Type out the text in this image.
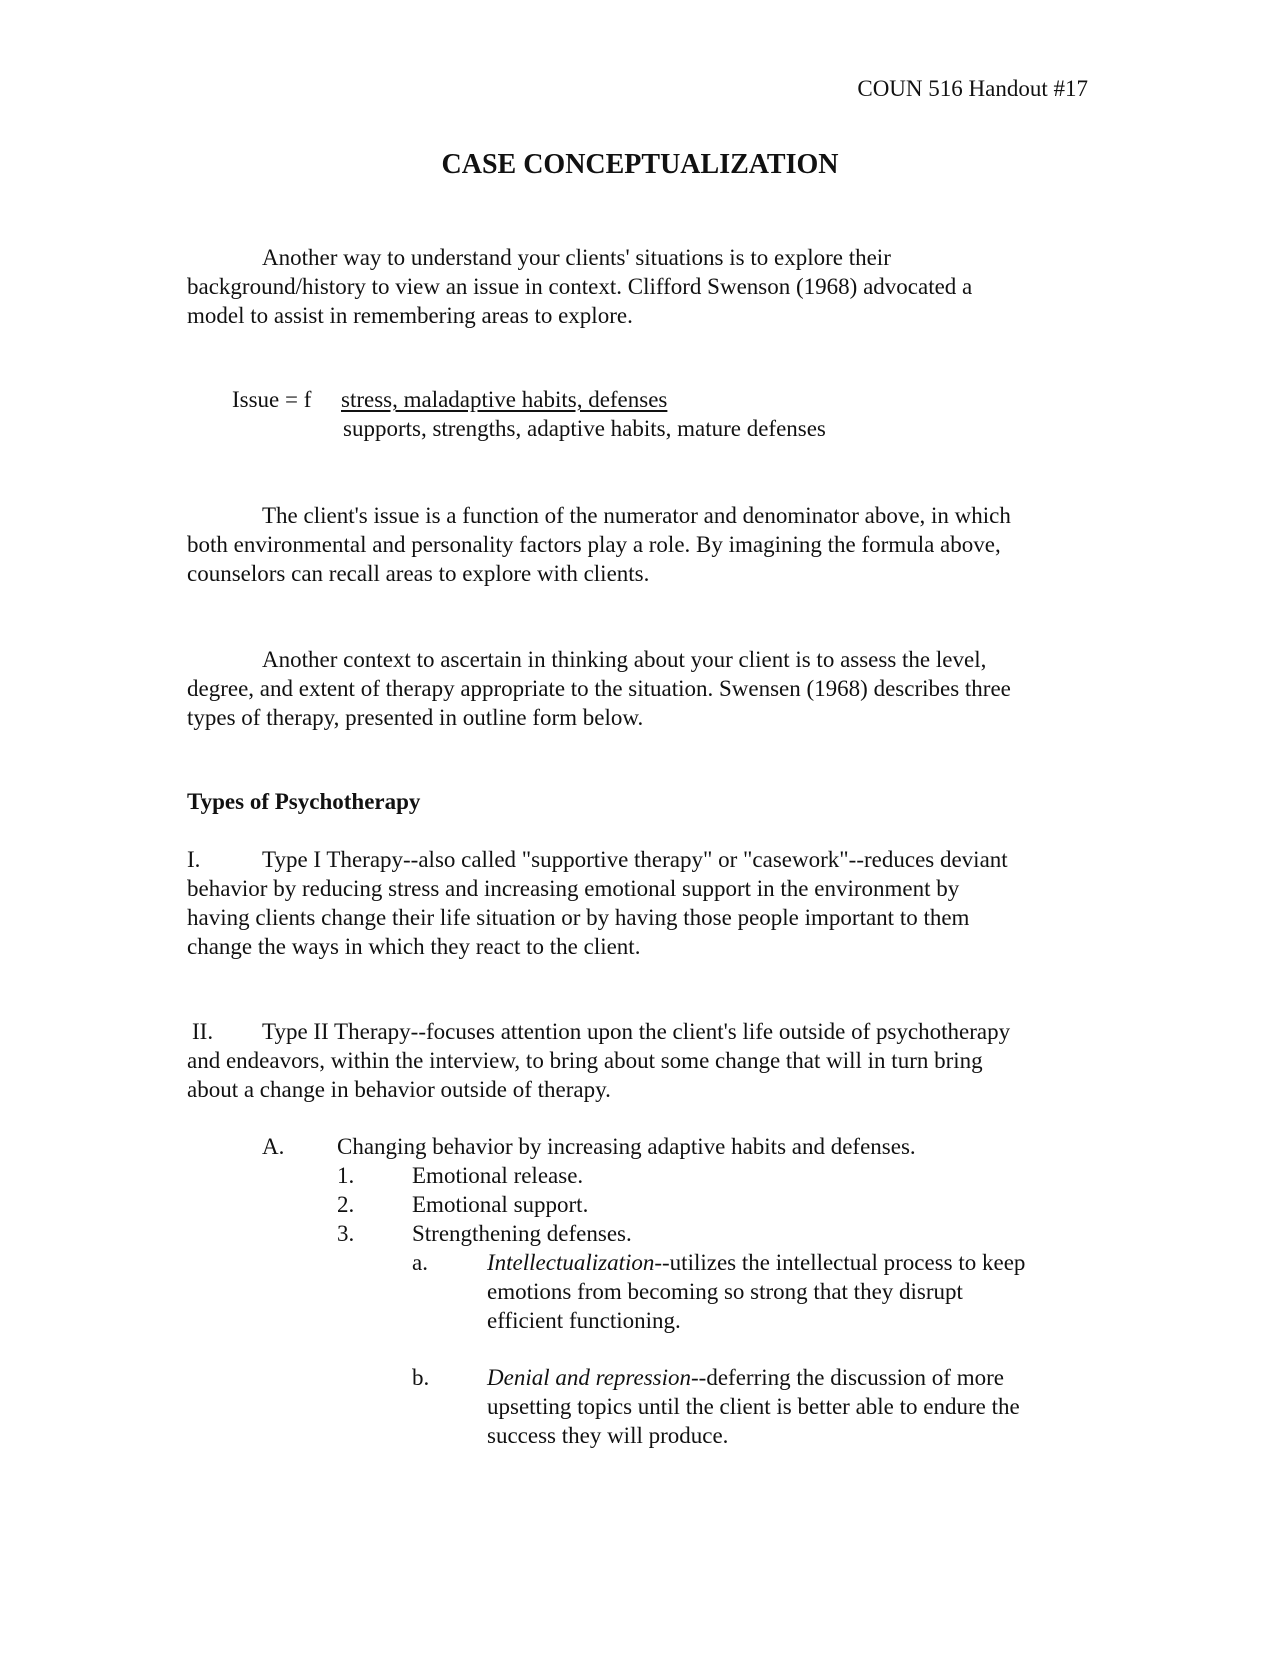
COUN 516 Handout #17

CASE CONCEPTUALIZATION
Another way to understand your clients' situations is to explore their
background/history to view an issue in context. Clifford Swenson (1968) advocated a
model to assist in remembering areas to explore.
Issue = f stress, maladaptive habits, defenses
supports, strengths, adaptive habits, mature defenses
The client's issue is a function of the numerator and denominator above, in which
both environmental and personality factors play a role. By imagining the formula above,
counselors can recall areas to explore with clients.
Another context to ascertain in thinking about your client is to assess the level,
degree, and extent of therapy appropriate to the situation. Swensen (1968) describes three
types of therapy, presented in outline form below.
Types of Psychotherapy
I.	Type I Therapy--also called "supportive therapy" or "casework"--reduces deviant
behavior by reducing stress and increasing emotional support in the environment by
having clients change their life situation or by having those people important to them
change the ways in which they react to the client.
II.	Type II Therapy--focuses attention upon the client's life outside of psychotherapy
and endeavors, within the interview, to bring about some change that will in turn bring
about a change in behavior outside of therapy.
A. Changing behavior by increasing adaptive habits and defenses.
1.	Emotional release.
2.	Emotional support.
3.	Strengthening defenses.
a.	Intellectualization--utilizes the intellectual process to keep
emotions from becoming so strong that they disrupt
efficient functioning.
b.	Denial and repression--deferring the discussion of more
upsetting topics until the client is better able to endure the
success they will produce.
